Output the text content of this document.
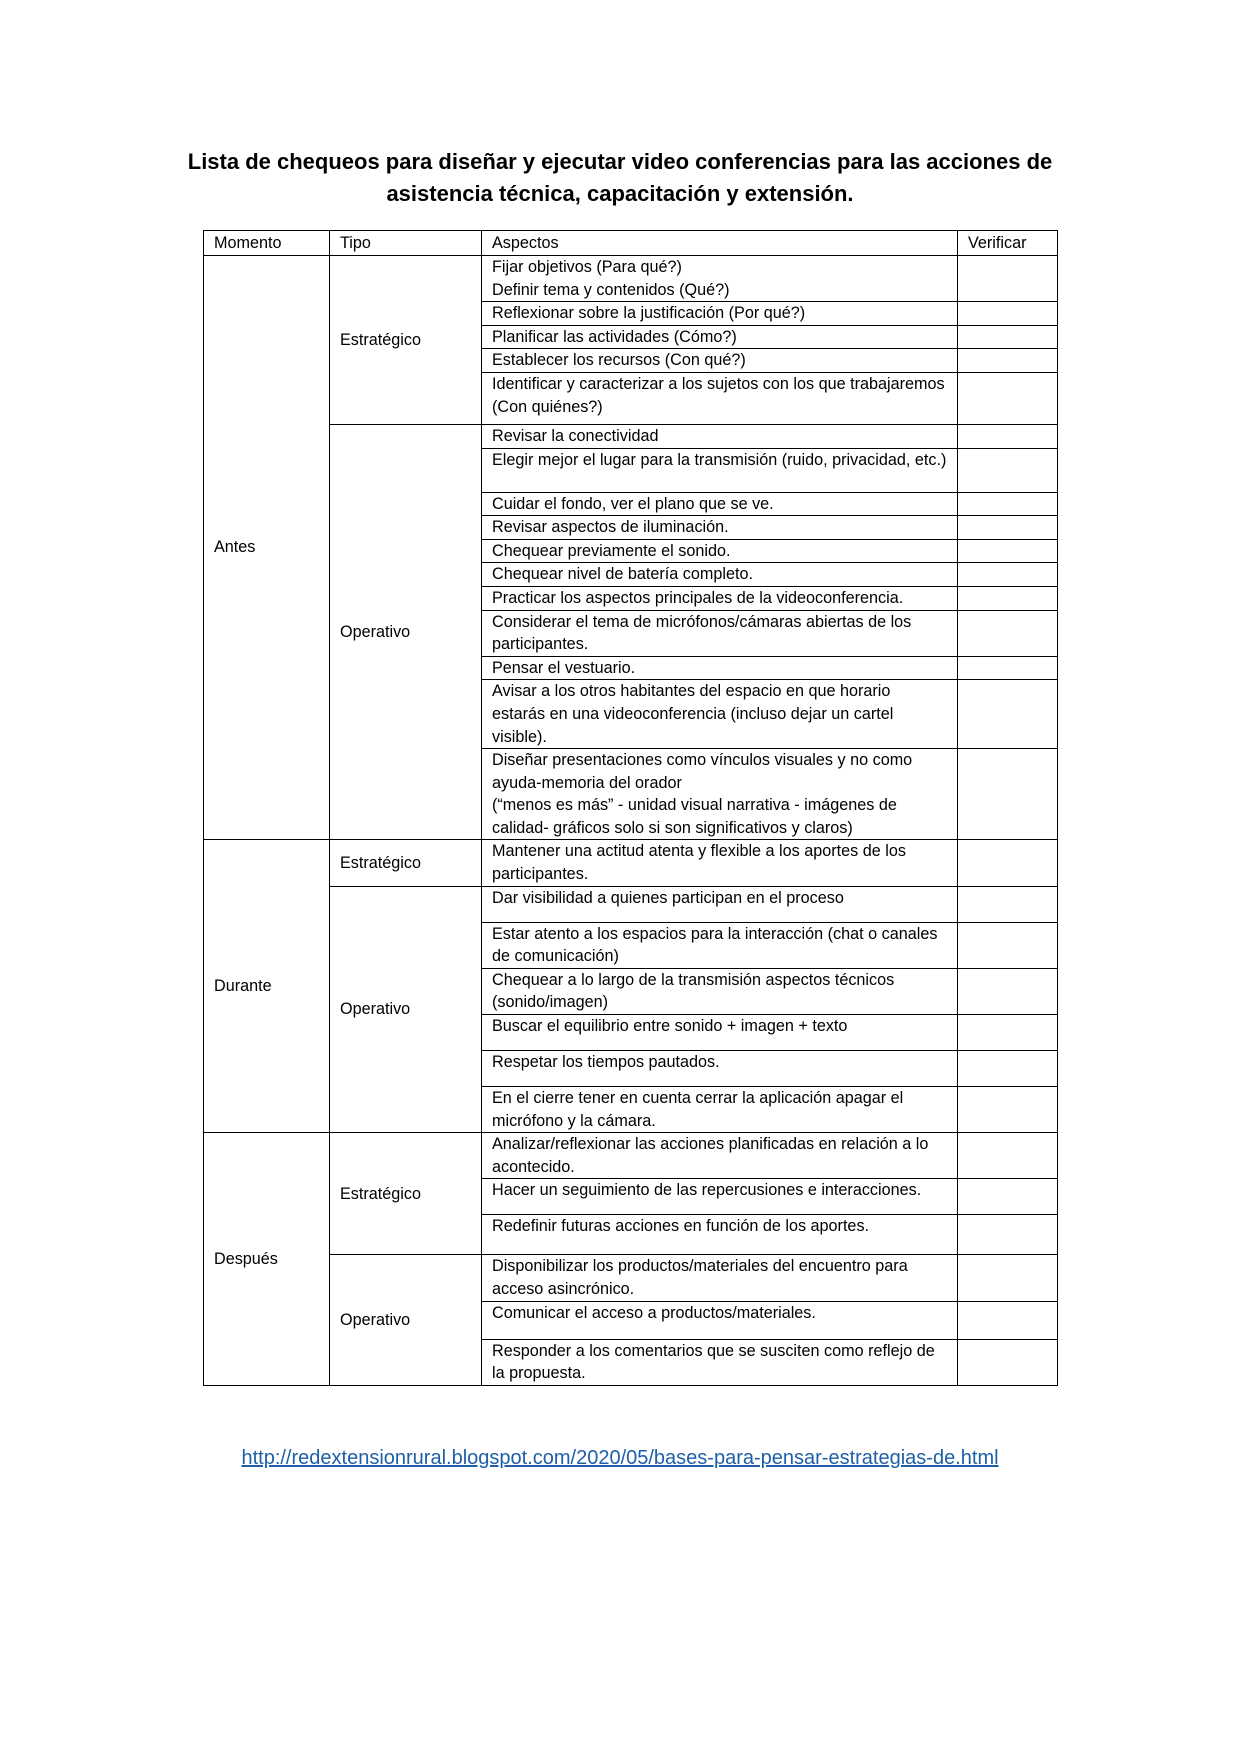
Lista de chequeos para diseñar y ejecutar video conferencias para las acciones de
asistencia técnica, capacitación y extensión.
Momento	Tipo	Aspectos	Verificar
Antes	Estratégico	Fijar objetivos (Para qué?)
Definir tema y contenidos (Qué?)	
		Reflexionar sobre la justificación (Por qué?)	
		Planificar las actividades (Cómo?)	
		Establecer los recursos (Con qué?)	
		Identificar y caracterizar a los sujetos con los que trabajaremos (Con quiénes?)	
	Operativo	Revisar la conectividad	
		Elegir mejor el lugar para la transmisión (ruido, privacidad, etc.)	
		Cuidar el fondo, ver el plano que se ve.	
		Revisar aspectos de iluminación.	
		Chequear previamente el sonido.	
		Chequear nivel de batería completo.	
		Practicar los aspectos principales de la videoconferencia.	
		Considerar el tema de micrófonos/cámaras abiertas de los participantes.	
		Pensar el vestuario.	
		Avisar a los otros habitantes del espacio en que horario estarás en una videoconferencia (incluso dejar un cartel visible).	
		Diseñar presentaciones como vínculos visuales y no como ayuda-memoria del orador
(“menos es más” - unidad visual narrativa - imágenes de calidad- gráficos solo si son significativos y claros)	
Durante	Estratégico	Mantener una actitud atenta y flexible a los aportes de los participantes.	
	Operativo	Dar visibilidad a quienes participan en el proceso	
		Estar atento a los espacios para la interacción (chat o canales de comunicación)	
		Chequear a lo largo de la transmisión aspectos técnicos (sonido/imagen)	
		Buscar el equilibrio entre sonido + imagen + texto	
		Respetar los tiempos pautados.	
		En el cierre tener en cuenta cerrar la aplicación apagar el micrófono y la cámara.	
Después	Estratégico	Analizar/reflexionar las acciones planificadas en relación a lo acontecido.	
		Hacer un seguimiento de las repercusiones e interacciones.	
		Redefinir futuras acciones en función de los aportes.	
	Operativo	Disponibilizar los productos/materiales del encuentro para acceso asincrónico.	
		Comunicar el acceso a productos/materiales.	
		Responder a los comentarios que se susciten como reflejo de la propuesta.	
http://redextensionrural.blogspot.com/2020/05/bases-para-pensar-estrategias-de.html
